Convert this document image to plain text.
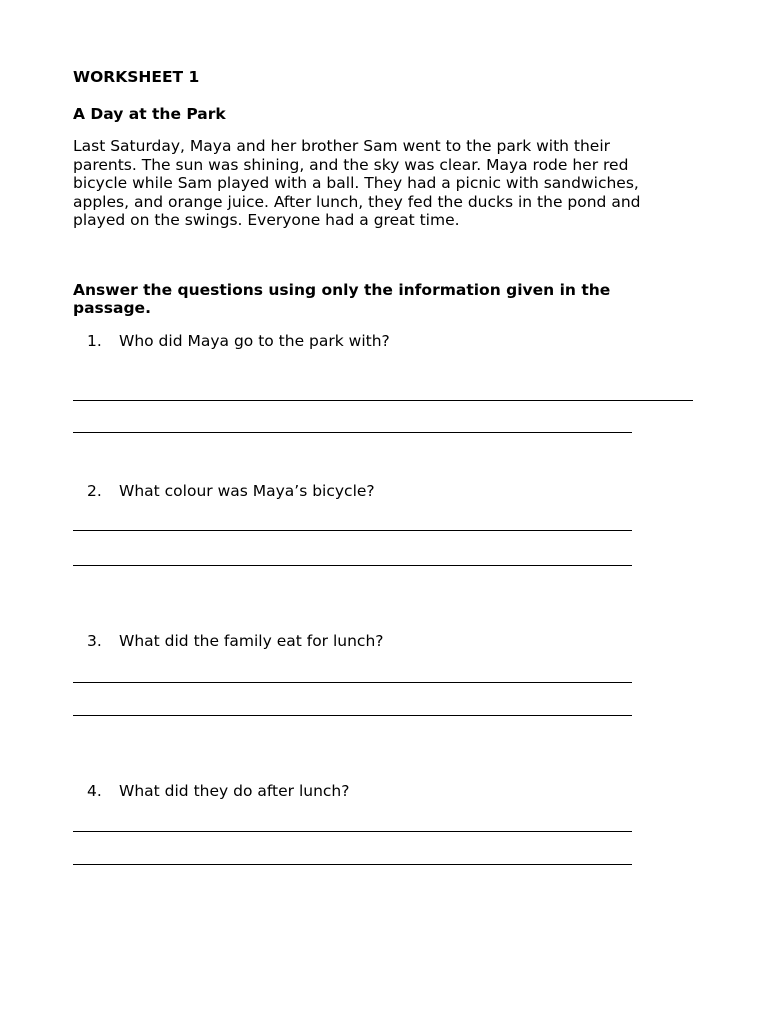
WORKSHEET 1
A Day at the Park
Last Saturday, Maya and her brother Sam went to the park with their
parents. The sun was shining, and the sky was clear. Maya rode her red
bicycle while Sam played with a ball. They had a picnic with sandwiches,
apples, and orange juice. After lunch, they fed the ducks in the pond and
played on the swings. Everyone had a great time.
Answer the questions using only the information given in the
passage.
1. Who did Maya go to the park with?
2. What colour was Maya’s bicycle?
3. What did the family eat for lunch?
4. What did they do after lunch?
